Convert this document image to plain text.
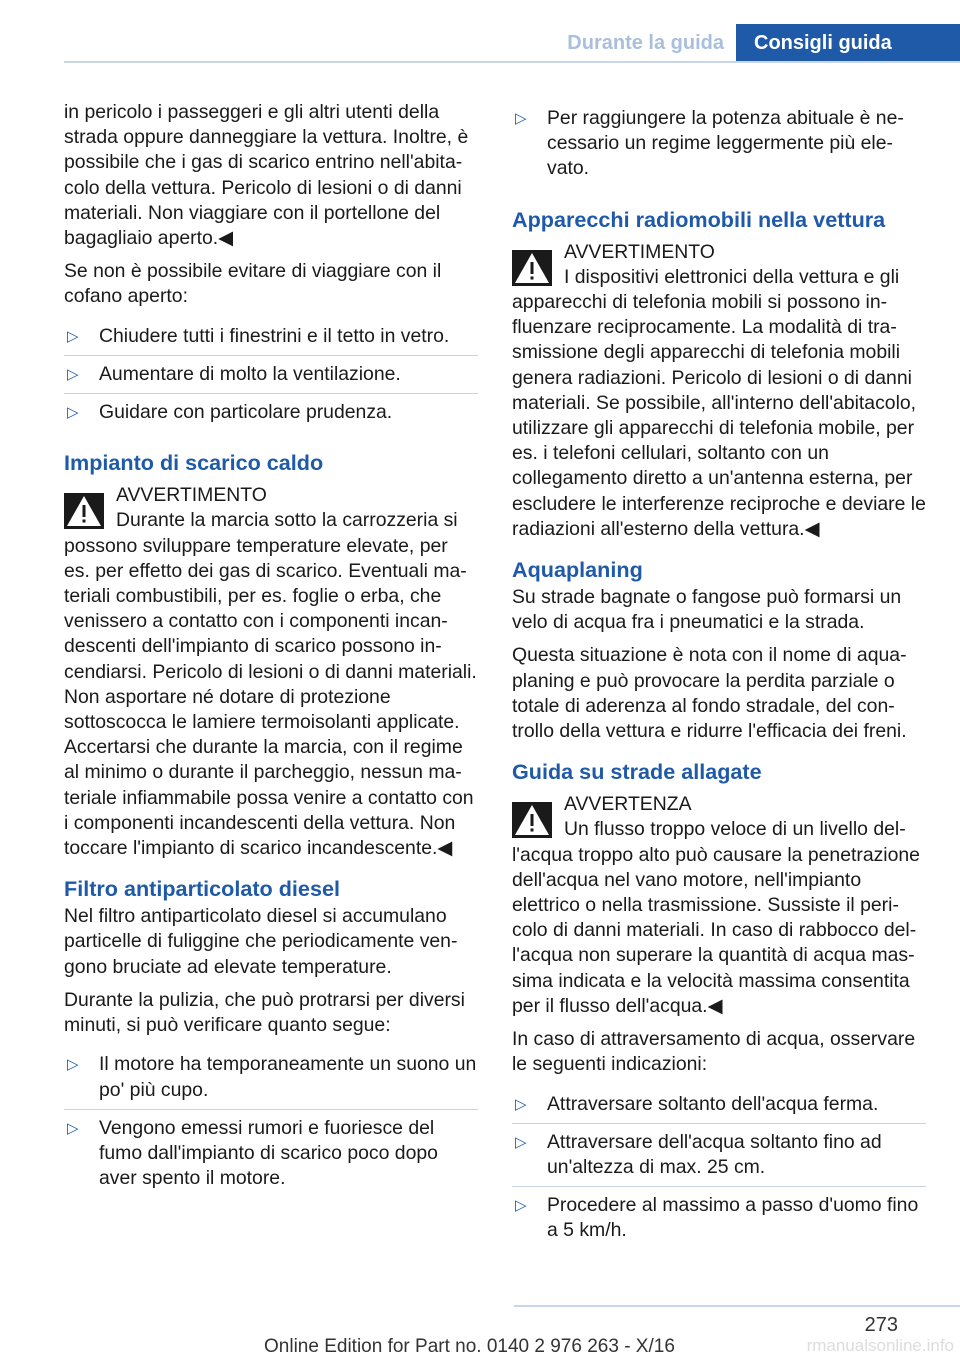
Durante la guida	Consigli guida

in pericolo i passeggeri e gli altri utenti della strada oppure danneggiare la vettura. Inoltre, è possibile che i gas di scarico entrino nell'abitacolo della vettura. Pericolo di lesioni o di danni materiali. Non viaggiare con il portellone del bagagliaio aperto.◀

Se non è possibile evitare di viaggiare con il cofano aperto:

▷ Chiudere tutti i finestrini e il tetto in vetro.
▷ Aumentare di molto la ventilazione.
▷ Guidare con particolare prudenza.
Impianto di scarico caldo
AVVERTIMENTO
Durante la marcia sotto la carrozzeria si possono sviluppare temperature elevate, per es. per effetto dei gas di scarico. Eventuali materiali combustibili, per es. foglie o erba, che venissero a contatto con i componenti incandescenti dell'impianto di scarico possono incendiarsi. Pericolo di lesioni o di danni materiali. Non asportare né dotare di protezione sottoscocca le lamiere termoisolanti applicate. Accertarsi che durante la marcia, con il regime al minimo o durante il parcheggio, nessun materiale infiammabile possa venire a contatto con i componenti incandescenti della vettura. Non toccare l'impianto di scarico incandescente.◀
Filtro antiparticolato diesel

Nel filtro antiparticolato diesel si accumulano particelle di fuliggine che periodicamente vengono bruciate ad elevate temperature.

Durante la pulizia, che può protrarsi per diversi minuti, si può verificare quanto segue:

▷ Il motore ha temporaneamente un suono un po' più cupo.
▷ Vengono emessi rumori e fuoriesce del fumo dall'impianto di scarico poco dopo aver spento il motore.
▷ Per raggiungere la potenza abituale è necessario un regime leggermente più elevato.
Apparecchi radiomobili nella vettura
AVVERTIMENTO
I dispositivi elettronici della vettura e gli apparecchi di telefonia mobili si possono influenzare reciprocamente. La modalità di trasmissione degli apparecchi di telefonia mobili genera radiazioni. Pericolo di lesioni o di danni materiali. Se possibile, all'interno dell'abitacolo, utilizzare gli apparecchi di telefonia mobile, per es. i telefoni cellulari, soltanto con un collegamento diretto a un'antenna esterna, per escludere le interferenze reciproche e deviare le radiazioni all'esterno della vettura.◀
Aquaplaning

Su strade bagnate o fangose può formarsi un velo di acqua fra i pneumatici e la strada.

Questa situazione è nota con il nome di aquaplaning e può provocare la perdita parziale o totale di aderenza al fondo stradale, del controllo della vettura e ridurre l'efficacia dei freni.

Guida su strade allagate
AVVERTENZA
Un flusso troppo veloce di un livello dell'acqua troppo alto può causare la penetrazione dell'acqua nel vano motore, nell'impianto elettrico o nella trasmissione. Sussiste il pericolo di danni materiali. In caso di rabbocco dell'acqua non superare la quantità di acqua massima indicata e la velocità massima consentita per il flusso dell'acqua.◀

In caso di attraversamento di acqua, osservare le seguenti indicazioni:

▷ Attraversare soltanto dell'acqua ferma.
▷ Attraversare dell'acqua soltanto fino ad un'altezza di max. 25 cm.
▷ Procedere al massimo a passo d'uomo fino a 5 km/h.
273
Online Edition for Part no. 0140 2 976 263 - X/16	rmanualsonline.info
